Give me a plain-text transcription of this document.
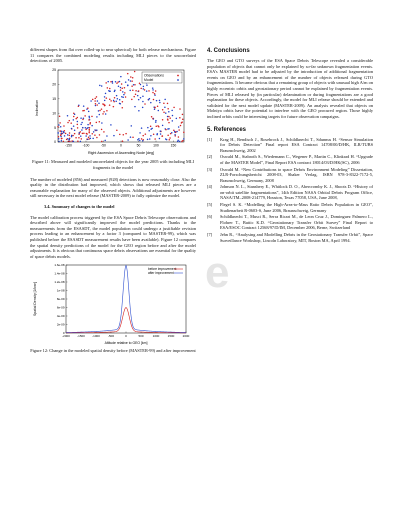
different shapes from flat over rolled-up to near spherical) for both release mechanisms. Figure 11 compares the combined modeling results including MLI pieces to the uncorrelated detections of 2005.

0
5
10
15
20
25
-150	-100	-50	0	50	100	150
Inclination
Right Ascension of Ascending Node [deg]
Observations
Model
Figure 11: Measured and modeled uncorrelated objects for the year 2005 with including MLI fragments in the model

The number of modeled (856) and measured (928) detections is now reasonably close. Also the quality in the distribution had improved, which shows that released MLI pieces are a reasonable explanation for many of the observed objects. Additional adjustments are however still necessary in the next model release (MASTER-2009) to fully optimize the model.

3.4. Summary of changes to the model

The model calibration process triggered by the ESA Space Debris Telescope observations and described above will significantly improved the model predictions. Thanks to the measurements from the ESASDT, the model population could undergo a justifiable revision process leading to an enhancement by a factor 3 (compared to MASTER-99), which was published before the ESASDT measurement results have been available). Figure 12 compares the spatial density predictions of the model for the GEO region before and after the model adjustments. It is obvious that continuous space debris observations are essential for the quality of space debris models.

0
2e-09
4e-09
6e-09
8e-09
1e-08
1.2e-08
1.4e-08
1.6e-08
-2000 -1500 -1000	-500	0	500	1000	1500	2000
Spatial Density [1/km³]
Altitude relative to GEO [km]
before improvement
after improvement
Figure 12: Change in the modeled spatial density before (MASTER-99) and after improvement

4. Conclusions

The GEO and GTO surveys of the ESA Space Debris Telescope revealed a considerable population of objects that cannot only be explained by so-far unknown fragmentation events. ESA’s MASTER model had to be adjusted by the introduction of additional fragmentation events on GEO and by an enhancement of the number of objects released during GTO fragmentations. It became obvious that a remaining group of objects with unusual high A/m on highly eccentric orbits and geostationary period cannot be explained by fragmentation events. Pieces of MLI released by (in particular) delamination or during fragmentations are a good explanation for these objects. Accordingly, the model for MLI release should be extended and validated for the next model update (MASTER-2009). An analysis revealed that objects on Molniya orbits have the potential to interfere with the GEO procured region. Those highly inclined orbits could be interesting targets for future observation campaigns.

5. References

[1]	Krag H., Bendisch J., Rosebrock J., Schildknecht T., Sdunnus H. “Sensor Simulation for Debris Detection” Final report ESA Contract 14708/00/D/HK, ILR/TUBS Braunschweig, 2002
[2]	Oswald M., Stabroth S., Wiedemann C., Wegener P., Martin C., Klinkrad H. “Upgrade of the MASTER Model”, Final Report ESA contract 18014/03/D/HK(SC), 2006
[3]	Oswald M. “New Contributions to space Debris Environment Modeling” Dissertation, ZLR-Forschungsbericht 2008-03, Shaker Verlag, ISBN 978-3-8322-7172-5, Braunschweig, Germany, 2008
[4]	Johnson N. L., Stansbery E., Whitlock D. O., Abercromby K. J., Shoots D. “History of on-orbit satellite fragmentations”, 14th Edition NASA Orbital Debris Program Office, NASA/TM–2008-214779, Houston, Texas 77058, USA, June 2008,
[5]	Flegel S. K. “Modelling the High-Area-to-Mass Ratio Debris Population in GEO”, Studienarbeit R-0603-S, June 2006, Braunschweig, Germany
[6]	Schildknecht T., Musci R., Serra Ricart M., de Leon Cruz J., Dominguez Palmero L., Flohrer T., Buttic K.D. “Geostationary Transfer Orbit Survey” Final Report to ESA/ESOC Contract 12568/97/D/IM, December 2006, Berne, Switzerland
[7]	Jehn R., “Analysing and Modelling Debris in the Geostationary Transfer Orbit”, Space Surveillance Workshop, Lincoln Laboratory, MIT, Boston MA, April 1994.
e
